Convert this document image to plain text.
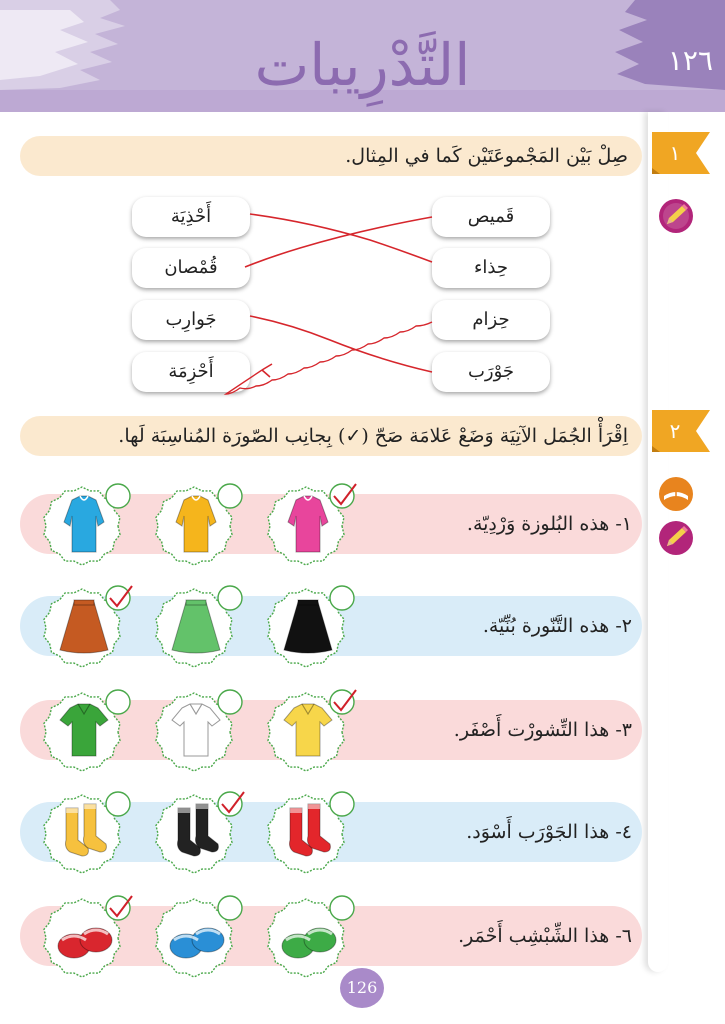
التَّدْرِيبات	١٢٦
١
٢
صِلْ بَيْن المَجْموعَتَيْن كَما في المِثال.
قَميص
حِذاء
حِزام
جَوْرَب
أَحْذِيَة
قُمْصان
جَوارِب
أَحْزِمَة
اِقْرَأْ الجُمَل الآتِيَة وَضَعْ عَلامَة صَحّ (✓) بِجانِب الصّورَة المُناسِبَة لَها.
١- هذه البُلوزة وَرْدِيّة.
٢- هذه التَّنّورة بُنِّيّة.
٣- هذا التِّشورْت أَصْفَر.
٤- هذا الجَوْرَب أَسْوَد.
٦- هذا الشِّبْشِب أَحْمَر.
126
